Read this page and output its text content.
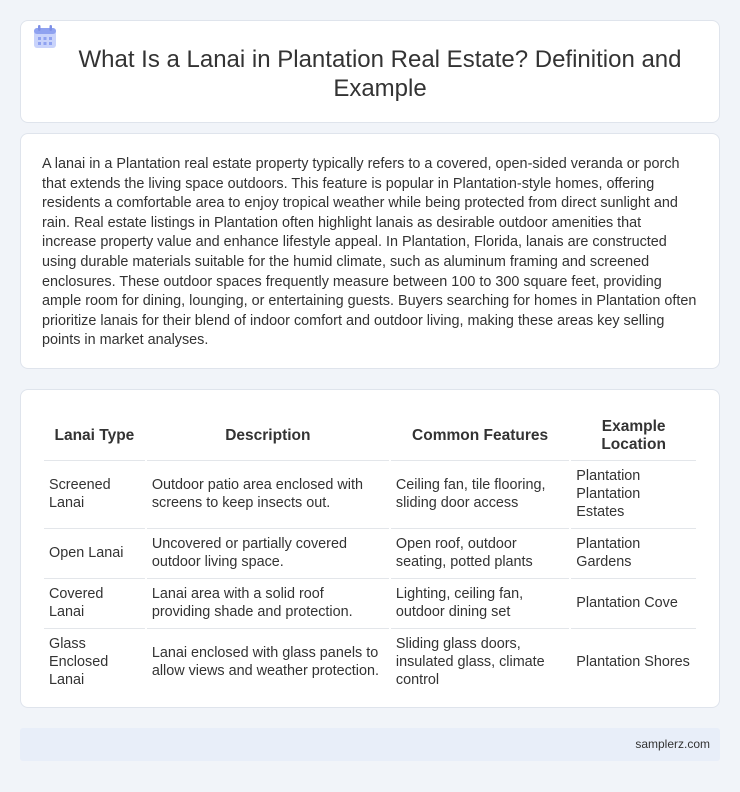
What Is a Lanai in Plantation Real Estate? Definition and Example

A lanai in a Plantation real estate property typically refers to a covered, open-sided veranda or porch that extends the living space outdoors. This feature is popular in Plantation-style homes, offering residents a comfortable area to enjoy tropical weather while being protected from direct sunlight and rain. Real estate listings in Plantation often highlight lanais as desirable outdoor amenities that increase property value and enhance lifestyle appeal. In Plantation, Florida, lanais are constructed using durable materials suitable for the humid climate, such as aluminum framing and screened enclosures. These outdoor spaces frequently measure between 100 to 300 square feet, providing ample room for dining, lounging, or entertaining guests. Buyers searching for homes in Plantation often prioritize lanais for their blend of indoor comfort and outdoor living, making these areas key selling points in market analyses.

Lanai Type	Description	Common Features	Example Location
Screened Lanai	Outdoor patio area enclosed with screens to keep insects out.	Ceiling fan, tile flooring, sliding door access	Plantation Plantation Estates
Open Lanai	Uncovered or partially covered outdoor living space.	Open roof, outdoor seating, potted plants	Plantation Gardens
Covered Lanai	Lanai area with a solid roof providing shade and protection.	Lighting, ceiling fan, outdoor dining set	Plantation Cove
Glass Enclosed Lanai	Lanai enclosed with glass panels to allow views and weather protection.	Sliding glass doors, insulated glass, climate control	Plantation Shores
samplerz.com
